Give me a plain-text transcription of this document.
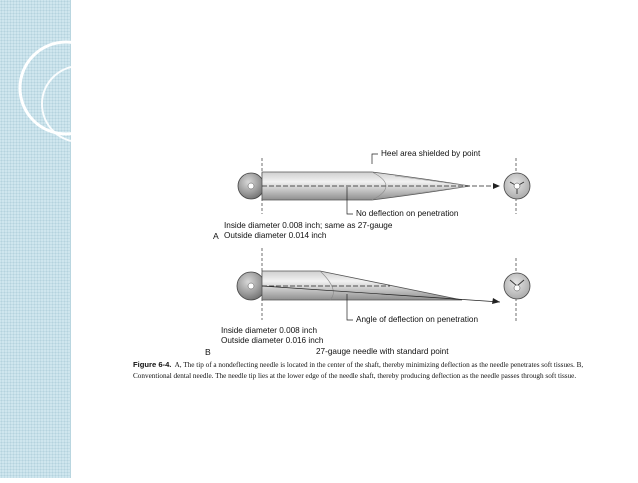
Heel area shielded by point
No deflection on penetration
Inside diameter 0.008 inch; same as 27-gauge
A Outside diameter 0.014 inch
Angle of deflection on penetration
Inside diameter 0.008 inch
Outside diameter 0.016 inch
B	27-gauge needle with standard point
Figure 6-4. A, The tip of a nondeflecting needle is located in the center of the shaft, thereby minimizing deflection as the needle penetrates soft tissues. B, Conventional dental needle. The needle tip lies at the lower edge of the needle shaft, thereby producing deflection as the needle passes through soft tissue.
